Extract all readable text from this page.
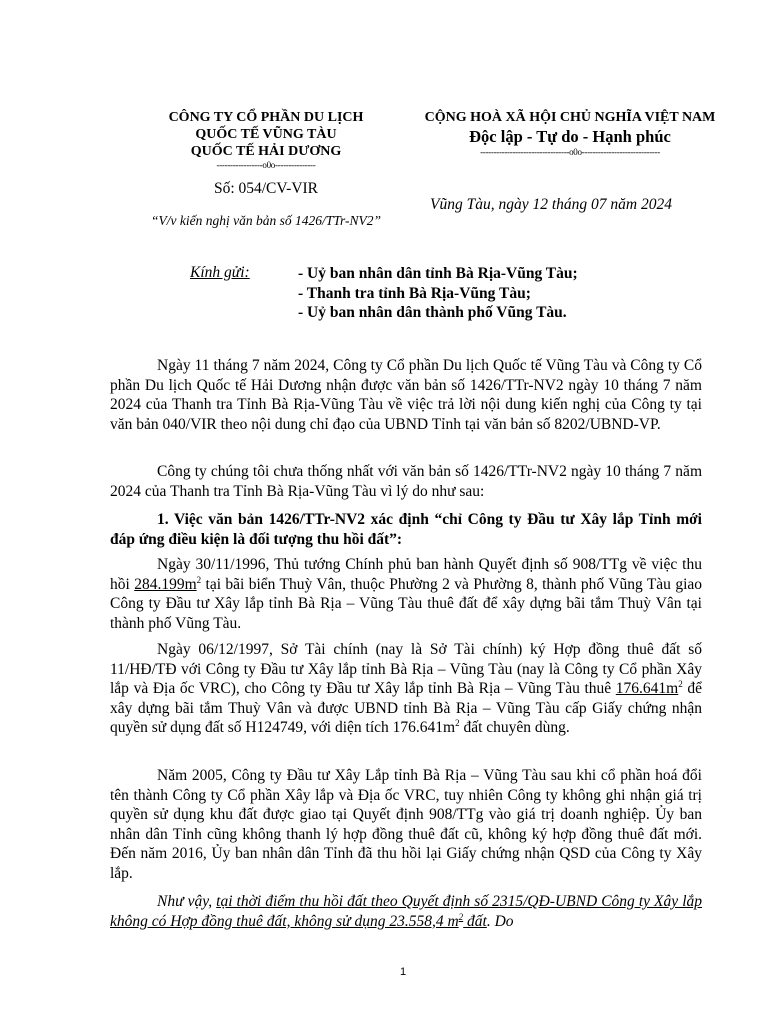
CÔNG TY CỔ PHẦN DU LỊCH
QUỐC TẾ VŨNG TÀU
QUỐC TẾ HẢI DƯƠNG
-----------------o0o---------------
CỘNG HOÀ XÃ HỘI CHỦ NGHĨA VIỆT NAM
Độc lập - Tự do - Hạnh phúc
---------------------------------o0o-----------------------------
Số: 054/CV-VIR
“V/v kiến nghị văn bản số 1426/TTr-NV2”
Vũng Tàu, ngày 12 tháng 07 năm 2024
Kính gửi:	- Uỷ ban nhân dân tỉnh Bà Rịa-Vũng Tàu;
- Thanh tra tỉnh Bà Rịa-Vũng Tàu;
- Uỷ ban nhân dân thành phố Vũng Tàu.
Ngày 11 tháng 7 năm 2024, Công ty Cổ phần Du lịch Quốc tế Vũng Tàu và Công ty Cổ phần Du lịch Quốc tế Hải Dương nhận được văn bản số 1426/TTr-NV2 ngày 10 tháng 7 năm 2024 của Thanh tra Tỉnh Bà Rịa-Vũng Tàu về việc trả lời nội dung kiến nghị của Công ty tại văn bản 040/VIR theo nội dung chỉ đạo của UBND Tỉnh tại văn bản số 8202/UBND-VP.
Công ty chúng tôi chưa thống nhất với văn bản số 1426/TTr-NV2 ngày 10 tháng 7 năm 2024 của Thanh tra Tỉnh Bà Rịa-Vũng Tàu vì lý do như sau:
1. Việc văn bản 1426/TTr-NV2 xác định “chỉ Công ty Đầu tư Xây lắp Tỉnh mới đáp ứng điều kiện là đối tượng thu hồi đất”:
Ngày 30/11/1996, Thủ tướng Chính phủ ban hành Quyết định số 908/TTg về việc thu hồi $284.199m^2$ tại bãi biển Thuỳ Vân, thuộc Phường 2 và Phường 8, thành phố Vũng Tàu giao Công ty Đầu tư Xây lắp tỉnh Bà Rịa – Vũng Tàu thuê đất để xây dựng bãi tắm Thuỳ Vân tại thành phố Vũng Tàu.
Ngày 06/12/1997, Sở Tài chính (nay là Sở Tài chính) ký Hợp đồng thuê đất số 11/HĐ/TĐ với Công ty Đầu tư Xây lắp tỉnh Bà Rịa – Vũng Tàu (nay là Công ty Cổ phần Xây lắp và Địa ốc VRC), cho Công ty Đầu tư Xây lắp tỉnh Bà Rịa – Vũng Tàu thuê $176.641m^2$ để xây dựng bãi tắm Thuỳ Vân và được UBND tỉnh Bà Rịa – Vũng Tàu cấp Giấy chứng nhận quyền sử dụng đất số H124749, với diện tích $176.641m^2$ đất chuyên dùng.
Năm 2005, Công ty Đầu tư Xây Lắp tỉnh Bà Rịa – Vũng Tàu sau khi cổ phần hoá đổi tên thành Công ty Cổ phần Xây lắp và Địa ốc VRC, tuy nhiên Công ty không ghi nhận giá trị quyền sử dụng khu đất được giao tại Quyết định 908/TTg vào giá trị doanh nghiệp. Ủy ban nhân dân Tỉnh cũng không thanh lý hợp đồng thuê đất cũ, không ký hợp đồng thuê đất mới. Đến năm 2016, Ủy ban nhân dân Tỉnh đã thu hồi lại Giấy chứng nhận QSD của Công ty Xây lắp.
Như vậy, tại thời điểm thu hồi đất theo Quyết định số 2315/QĐ-UBND Công ty Xây lắp không có Hợp đồng thuê đất, không sử dụng 23.558,4 $m^2$ đất. Do
1
